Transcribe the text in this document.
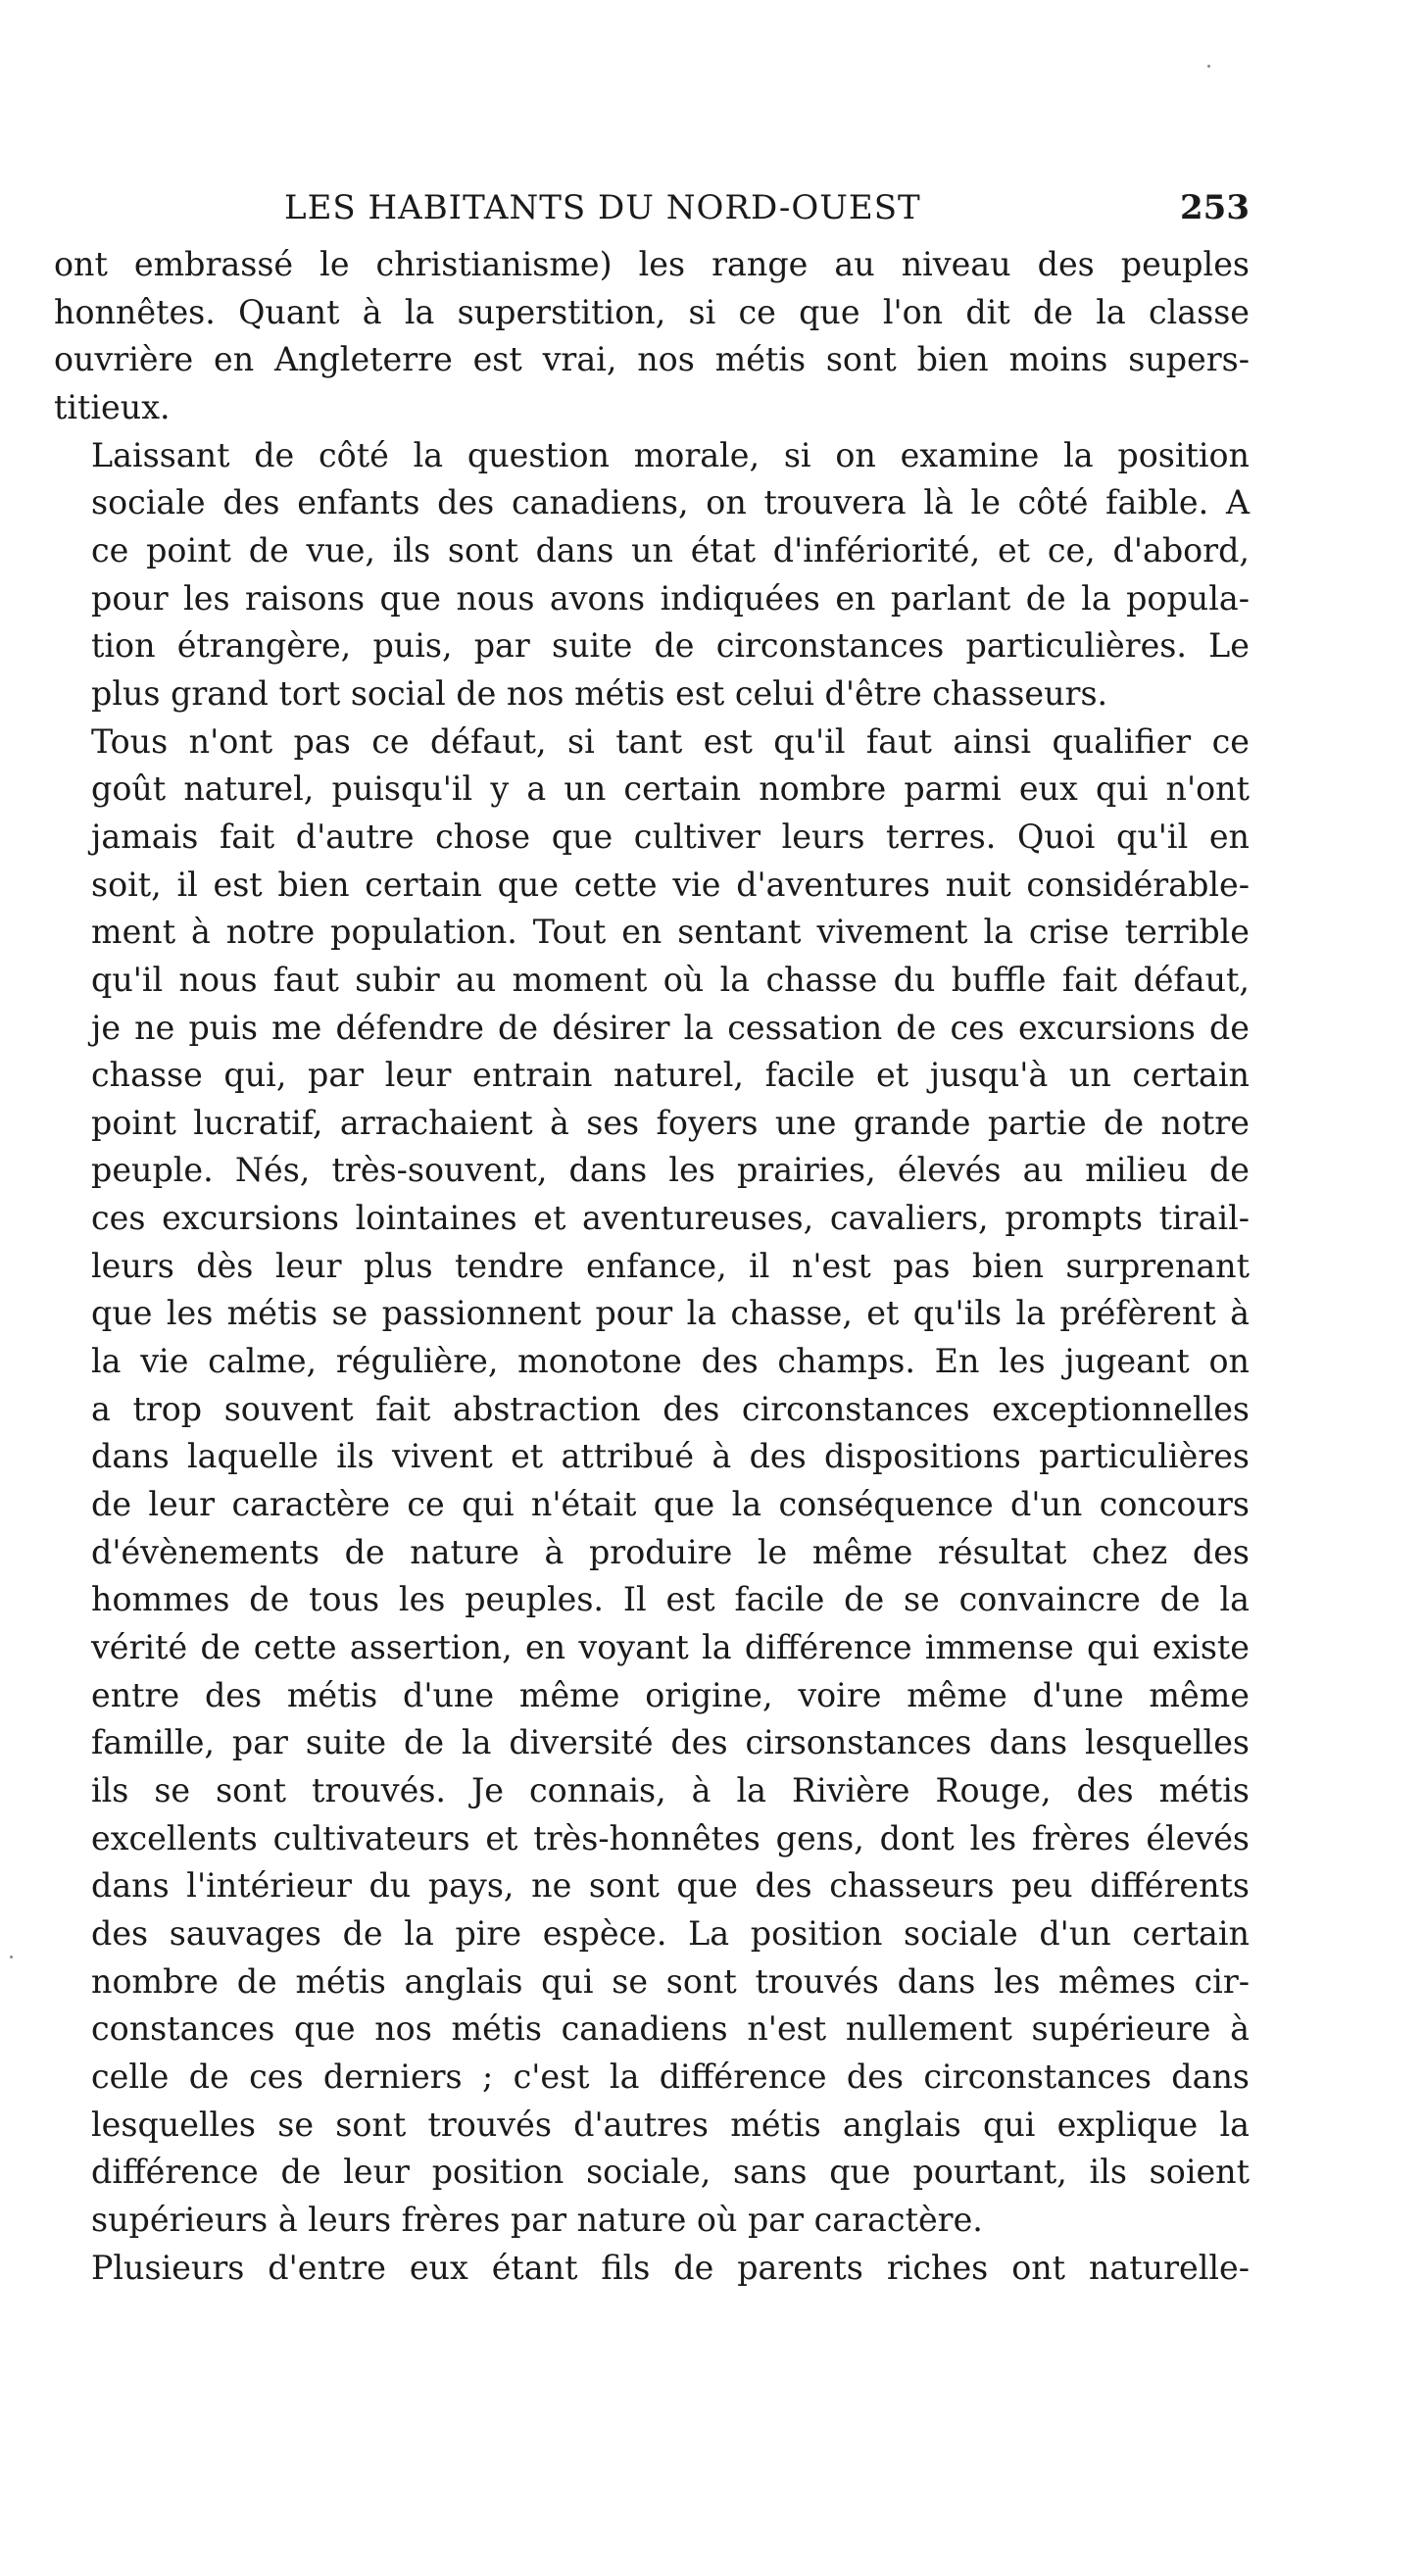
LES HABITANTS DU NORD-OUEST	253

ont embrassé le christianisme) les range au niveau des peuples
honnêtes. Quant à la superstition, si ce que l'on dit de la classe
ouvrière en Angleterre est vrai, nos métis sont bien moins supers-
titieux.

Laissant de côté la question morale, si on examine la position
sociale des enfants des canadiens, on trouvera là le côté faible. A
ce point de vue, ils sont dans un état d'infériorité, et ce, d'abord,
pour les raisons que nous avons indiquées en parlant de la popula-
tion étrangère, puis, par suite de circonstances particulières. Le
plus grand tort social de nos métis est celui d'être chasseurs.

Tous n'ont pas ce défaut, si tant est qu'il faut ainsi qualifier ce
goût naturel, puisqu'il y a un certain nombre parmi eux qui n'ont
jamais fait d'autre chose que cultiver leurs terres. Quoi qu'il en
soit, il est bien certain que cette vie d'aventures nuit considérable-
ment à notre population. Tout en sentant vivement la crise terrible
qu'il nous faut subir au moment où la chasse du buffle fait défaut,
je ne puis me défendre de désirer la cessation de ces excursions de
chasse qui, par leur entrain naturel, facile et jusqu'à un certain
point lucratif, arrachaient à ses foyers une grande partie de notre
peuple. Nés, très-souvent, dans les prairies, élevés au milieu de
ces excursions lointaines et aventureuses, cavaliers, prompts tirail-
leurs dès leur plus tendre enfance, il n'est pas bien surprenant
que les métis se passionnent pour la chasse, et qu'ils la préfèrent à
la vie calme, régulière, monotone des champs. En les jugeant on
a trop souvent fait abstraction des circonstances exceptionnelles
dans laquelle ils vivent et attribué à des dispositions particulières
de leur caractère ce qui n'était que la conséquence d'un concours
d'évènements de nature à produire le même résultat chez des
hommes de tous les peuples. Il est facile de se convaincre de la
vérité de cette assertion, en voyant la différence immense qui existe
entre des métis d'une même origine, voire même d'une même
famille, par suite de la diversité des cirsonstances dans lesquelles
ils se sont trouvés. Je connais, à la Rivière Rouge, des métis
excellents cultivateurs et très-honnêtes gens, dont les frères élevés
dans l'intérieur du pays, ne sont que des chasseurs peu différents
des sauvages de la pire espèce. La position sociale d'un certain
nombre de métis anglais qui se sont trouvés dans les mêmes cir-
constances que nos métis canadiens n'est nullement supérieure à
celle de ces derniers ; c'est la différence des circonstances dans
lesquelles se sont trouvés d'autres métis anglais qui explique la
différence de leur position sociale, sans que pourtant, ils soient
supérieurs à leurs frères par nature où par caractère.

Plusieurs d'entre eux étant fils de parents riches ont naturelle-
